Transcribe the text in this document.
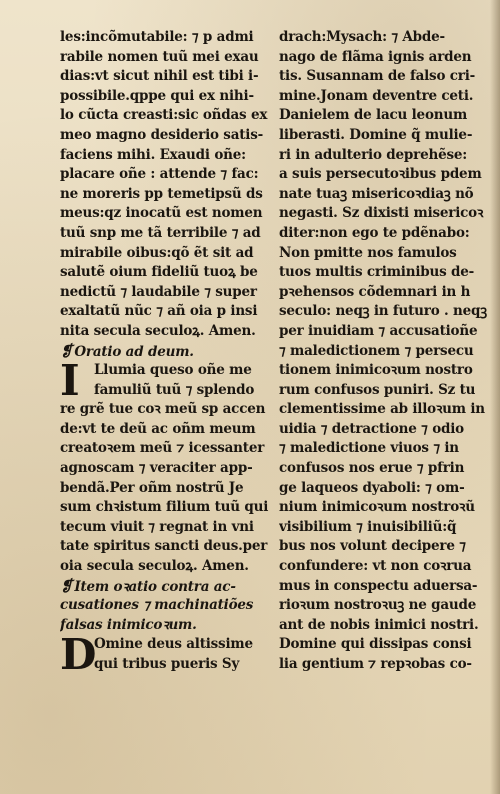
les:incõmutabile: ⁊ p admi
rabile nomen tuũ mei exau
dias:vt sicut nihil est tibi i-
possibile.qppe qui ex nihi-
lo cũcta creasti:sic oñdas ex
meo magno desiderio satis-
faciens mihi. Exaudi oñe:
placare oñe : attende ⁊ fac:
ne moreris pp temetipsũ ds
meus:qz inocatũ est nomen
tuũ snp me tã terribile ⁊ ad
mirabile oibus:qõ ẽt sit ad
salutẽ oium fideliũ tuoꝝ be
nedictũ ⁊ laudabile ⁊ super
exaltatũ nũc ⁊ añ oia p insi
nita secula seculoꝝ. Amen.
❡ Oratio ad deum.
I	Llumia queso oñe me
famuliũ tuũ ⁊ splendo
re grẽ tue coꝛ meũ sp accen
de:vt te deũ ac oñm meum
creatoꝛem meũ ⁊ icessanter
agnoscam ⁊ veraciter app-
bendã.Per oñm nostrũ Je
sum chꝛistum filium tuũ qui
tecum viuit ⁊ regnat in vni
tate spiritus sancti deus.per
oia secula seculoꝝ. Amen.
❡ Item oꝛatio contra ac-
cusationes ⁊ machinatiões
falsas inimicoꝛum.
D
Omine deus altissime
qui tribus pueris Sy
drach:Mysach: ⁊ Abde-
nago de flãma ignis arden
tis. Susannam de falso cri-
mine.Jonam deventre ceti.
Danielem de lacu leonum
liberasti. Domine q̃ mulie-
ri in adulterio deprehẽse:
a suis persecutoꝛibus pdem
nate tuaꝫ misericoꝛdiaꝫ nõ
negasti. Sz dixisti misericoꝛ
diter:non ego te pdẽnabo:
Non pmitte nos famulos
tuos multis criminibus de-
pꝛehensos cõdemnari in h
seculo: neqꝫ in futuro . neqꝫ
per inuidiam ⁊ accusatioñe
⁊ maledictionem ⁊ persecu
tionem inimicoꝛum nostro
rum confusos puniri. Sz tu
clementissime ab illoꝛum in
uidia ⁊ detractione ⁊ odio
⁊ maledictione viuos ⁊ in
confusos nos erue ⁊ pfrin
ge laqueos dyaboli: ⁊ om-
nium inimicoꝛum nostroꝛũ
visibilium ⁊ inuisibiliũ:q̃
bus nos volunt decipere ⁊
confundere: vt non coꝛrua
mus in conspectu aduersa-
rioꝛum nostroꝛuꝫ ne gaude
ant de nobis inimici nostri.
Domine qui dissipas consi
lia gentium ⁊ repꝛobas co-
